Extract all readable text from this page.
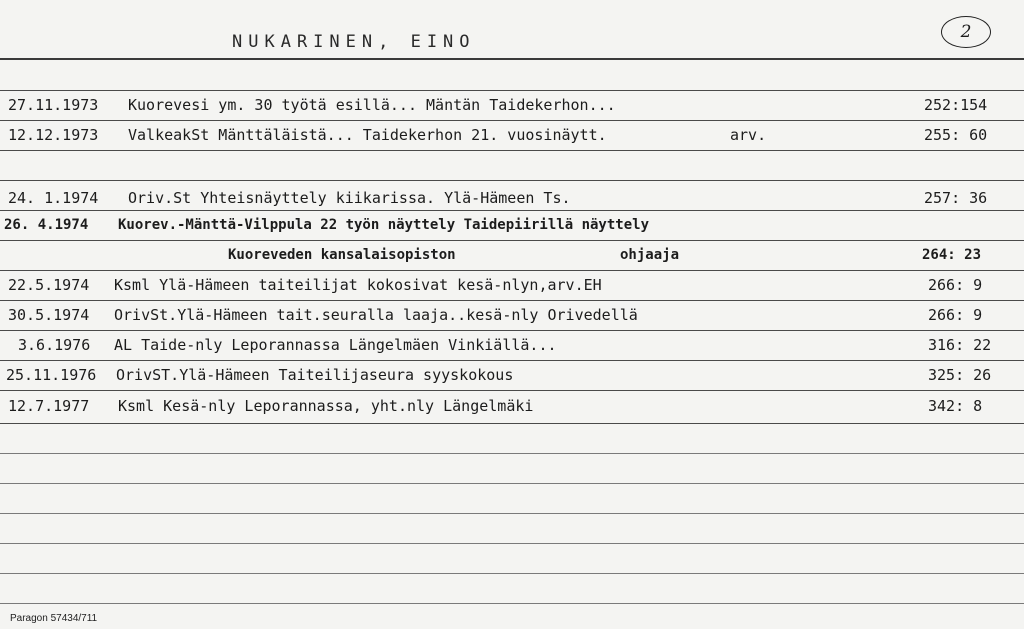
NUKARINEN, EINO	2
27.11.1973 Kuorevesi ym. 30 työtä esillä... Mäntän Taidekerhon...	252:154
12.12.1973 ValkeakSt Mänttäläistä... Taidekerhon 21. vuosinäytt.	arv.	255: 60
24. 1.1974 Oriv.St Yhteisnäyttely kiikarissa. Ylä-Hämeen Ts.	257: 36
26. 4.1974 Kuorev.-Mänttä-Vilppula 22 työn näyttely Taidepiirillä näyttely
Kuoreveden kansalaisopiston	ohjaaja	264: 23
22.5.1974 Ksml Ylä-Hämeen taiteilijat kokosivat kesä-nlyn,arv.EH	266: 9
30.5.1974 OrivSt.Ylä-Hämeen tait.seuralla laaja..kesä-nly Orivedellä	266: 9
3.6.1976 AL Taide-nly Leporannassa Längelmäen Vinkiällä...	316: 22
25.11.1976 OrivST.Ylä-Hämeen Taiteilijaseura syyskokous	325: 26
12.7.1977 Ksml Kesä-nly Leporannassa, yht.nly Längelmäki	342: 8
Paragon 57434/711
